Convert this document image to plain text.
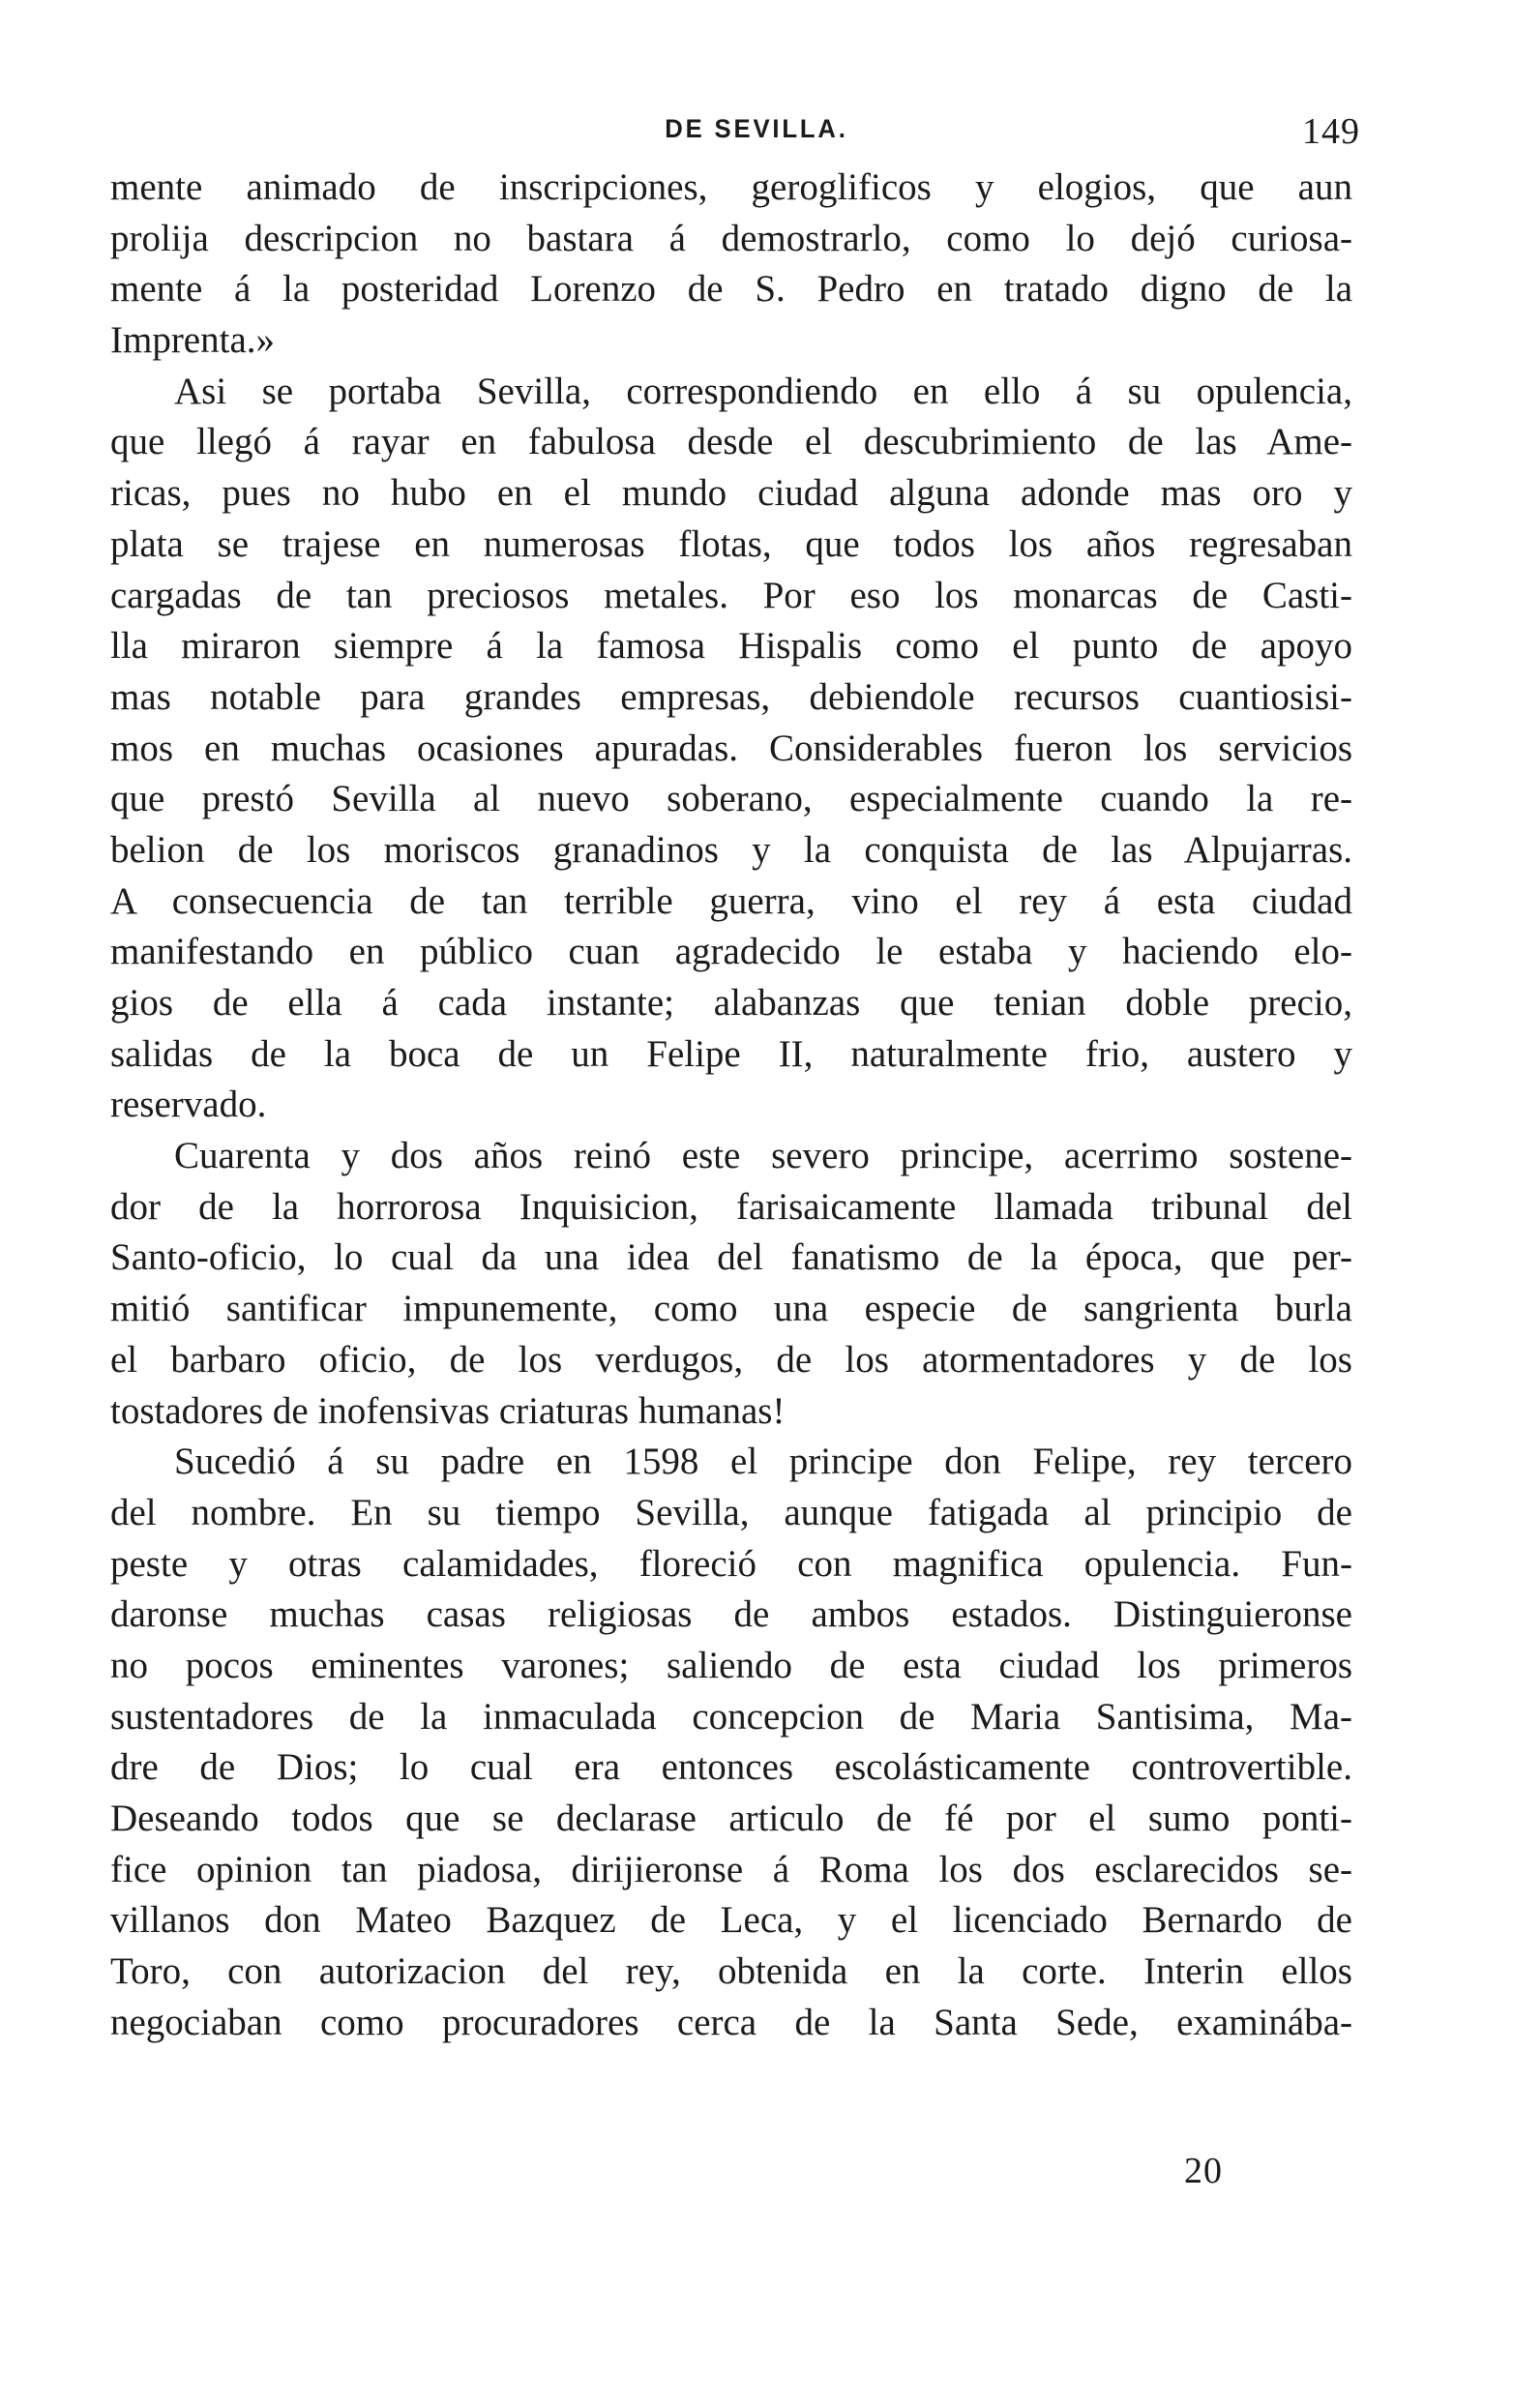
DE SEVILLA.	149
mente animado de inscripciones, geroglificos y elogios, que aun
prolija descripcion no bastara á demostrarlo, como lo dejó curiosa-
mente á la posteridad Lorenzo de S. Pedro en tratado digno de la
Imprenta.»
Asi se portaba Sevilla, correspondiendo en ello á su opulencia,
que llegó á rayar en fabulosa desde el descubrimiento de las Ame-
ricas, pues no hubo en el mundo ciudad alguna adonde mas oro y
plata se trajese en numerosas flotas, que todos los años regresaban
cargadas de tan preciosos metales. Por eso los monarcas de Casti-
lla miraron siempre á la famosa Hispalis como el punto de apoyo
mas notable para grandes empresas, debiendole recursos cuantiosisi-
mos en muchas ocasiones apuradas. Considerables fueron los servicios
que prestó Sevilla al nuevo soberano, especialmente cuando la re-
belion de los moriscos granadinos y la conquista de las Alpujarras.
A consecuencia de tan terrible guerra, vino el rey á esta ciudad
manifestando en público cuan agradecido le estaba y haciendo elo-
gios de ella á cada instante; alabanzas que tenian doble precio,
salidas de la boca de un Felipe II, naturalmente frio, austero y
reservado.
Cuarenta y dos años reinó este severo principe, acerrimo sostene-
dor de la horrorosa Inquisicion, farisaicamente llamada tribunal del
Santo-oficio, lo cual da una idea del fanatismo de la época, que per-
mitió santificar impunemente, como una especie de sangrienta burla
el barbaro oficio, de los verdugos, de los atormentadores y de los
tostadores de inofensivas criaturas humanas!
Sucedió á su padre en 1598 el principe don Felipe, rey tercero
del nombre. En su tiempo Sevilla, aunque fatigada al principio de
peste y otras calamidades, floreció con magnifica opulencia. Fun-
daronse muchas casas religiosas de ambos estados. Distinguieronse
no pocos eminentes varones; saliendo de esta ciudad los primeros
sustentadores de la inmaculada concepcion de Maria Santisima, Ma-
dre de Dios; lo cual era entonces escolásticamente controvertible.
Deseando todos que se declarase articulo de fé por el sumo ponti-
fice opinion tan piadosa, dirijieronse á Roma los dos esclarecidos se-
villanos don Mateo Bazquez de Leca, y el licenciado Bernardo de
Toro, con autorizacion del rey, obtenida en la corte. Interin ellos
negociaban como procuradores cerca de la Santa Sede, examinába-
20
